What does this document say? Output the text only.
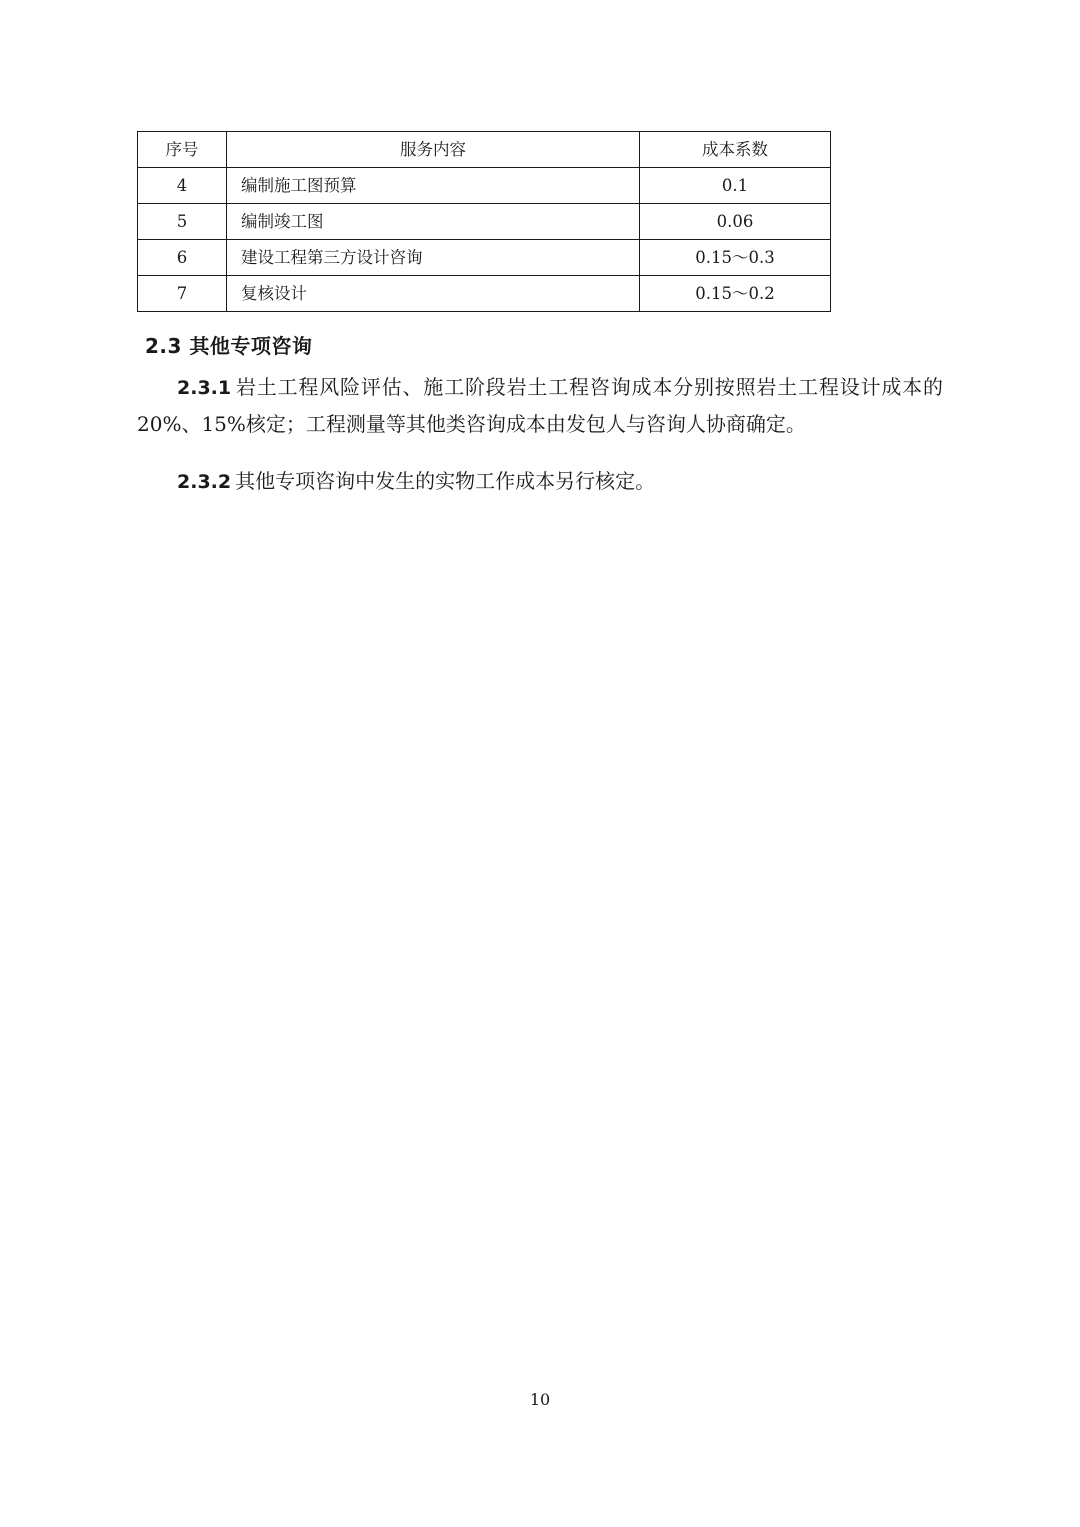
序号	服务内容	成本系数
4	编制施工图预算	0.1
5	编制竣工图	0.06
6	建设工程第三方设计咨询	0.15～0.3
7	复核设计	0.15～0.2
2.3 其他专项咨询

2.3.1 岩土工程风险评估、施工阶段岩土工程咨询成本分别按照岩土工程设计成本的 20%、15%核定；工程测量等其他类咨询成本由发包人与咨询人协商确定。

2.3.2 其他专项咨询中发生的实物工作成本另行核定。

10
